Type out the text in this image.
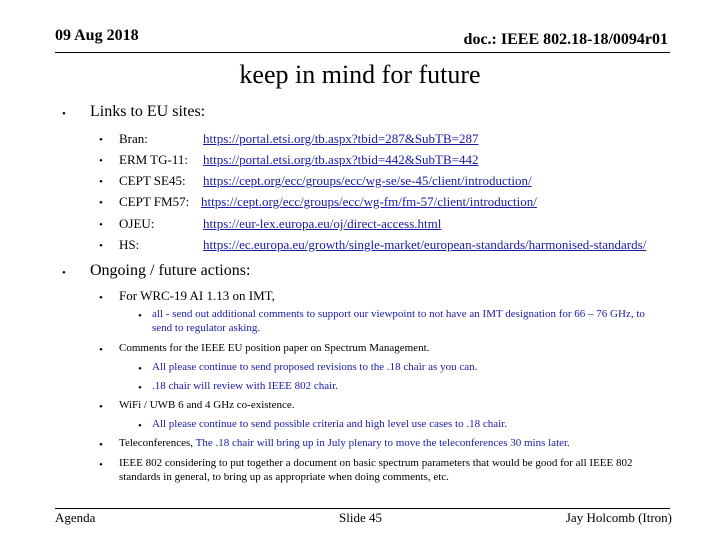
09 Aug 2018	doc.: IEEE 802.18-18/0094r01
keep in mind for future
• Links to EU sites:
• Bran:	https://portal.etsi.org/tb.aspx?tbid=287&SubTB=287
• ERM TG-11: https://portal.etsi.org/tb.aspx?tbid=442&SubTB=442
• CEPT SE45: https://cept.org/ecc/groups/ecc/wg-se/se-45/client/introduction/
• CEPT FM57: https://cept.org/ecc/groups/ecc/wg-fm/fm-57/client/introduction/
• OJEU:	https://eur-lex.europa.eu/oj/direct-access.html
• HS:	https://ec.europa.eu/growth/single-market/european-standards/harmonised-standards/
• Ongoing / future actions:
• For WRC-19 AI 1.13 on IMT,
• all - send out additional comments to support our viewpoint to not have an IMT designation for 66 – 76 GHz, to
send to regulator asking.
• Comments for the IEEE EU position paper on Spectrum Management.
• All please continue to send proposed revisions to the .18 chair as you can.
• .18 chair will review with IEEE 802 chair.
• WiFi / UWB 6 and 4 GHz co-existence.
• All please continue to send possible criteria and high level use cases to .18 chair.
• Teleconferences, The .18 chair will bring up in July plenary to move the teleconferences 30 mins later.
• IEEE 802 considering to put together a document on basic spectrum parameters that would be good for all IEEE 802
standards in general, to bring up as appropriate when doing comments, etc.
Agenda	Slide 45	Jay Holcomb (Itron)
